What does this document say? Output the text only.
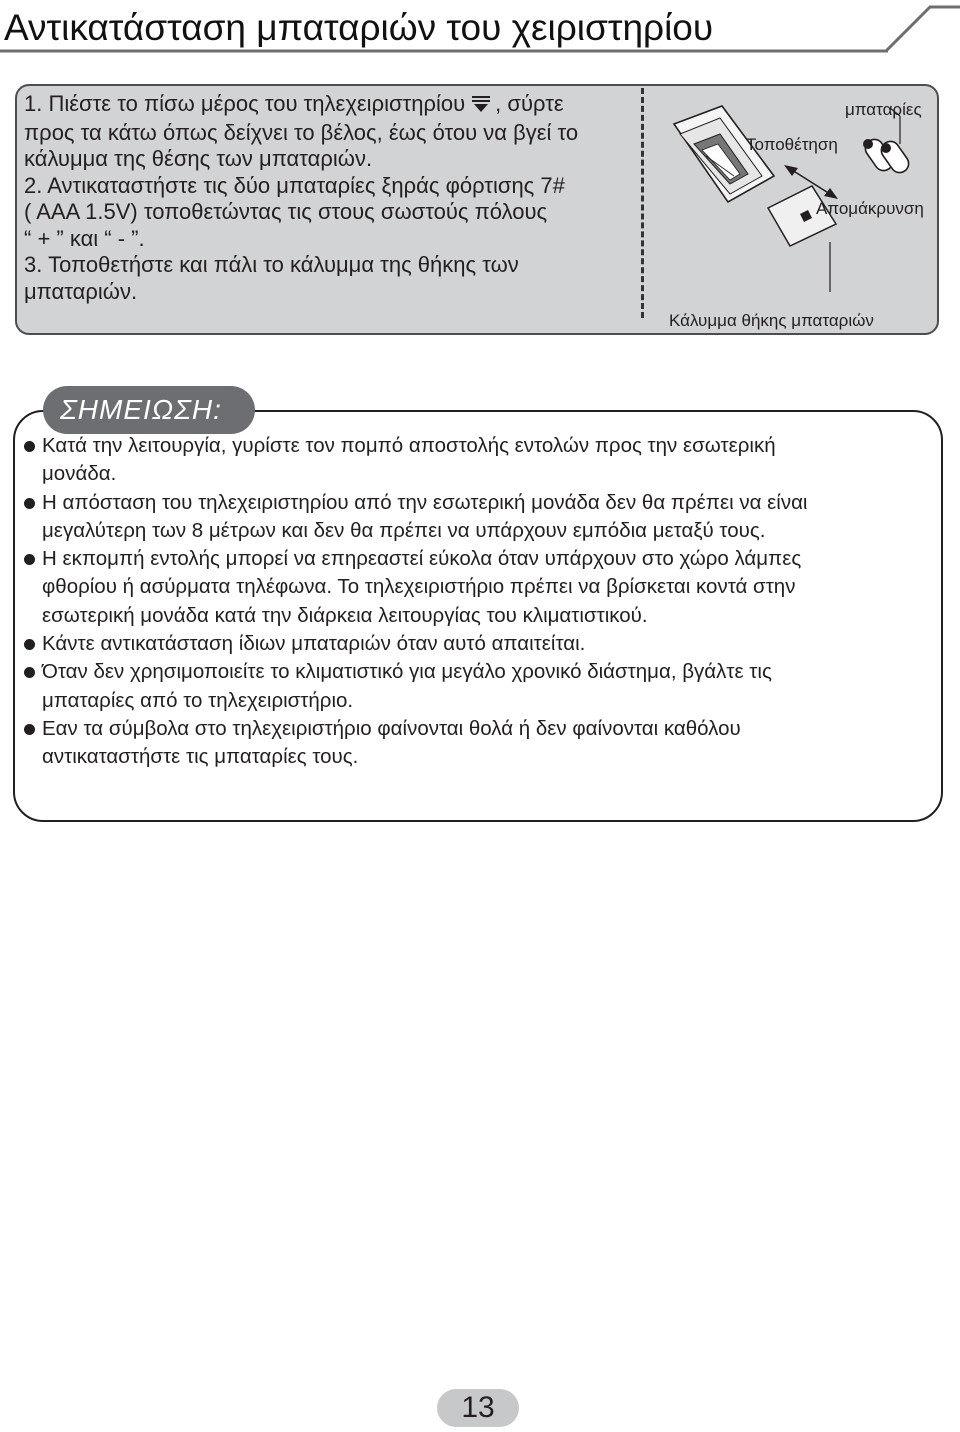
Αντικατάσταση μπαταριών του χειριστηρίου
1. Πιέστε το πίσω μέρος του τηλεχειριστηρίου , σύρτε
προς τα κάτω όπως δείχνει το βέλος, έως ότου να βγεί το
κάλυμμα της θέσης των μπαταριών.
2. Αντικαταστήστε τις δύο μπαταρίες ξηράς φόρτισης 7#
( AAA 1.5V) τοποθετώντας τις στους σωστούς πόλους
“ + ” και “ - ”.
3. Τοποθετήστε και πάλι το κάλυμμα της θήκης των
μπαταριών.
μπαταρίες
Τοποθέτηση
Απομάκρυνση
Κάλυμμα θήκης μπαταριών
ΣΗΜΕΙΩΣΗ:
Κατά την λειτουργία, γυρίστε τον πομπό αποστολής εντολών προς την εσωτερική
μονάδα.
Η απόσταση του τηλεχειριστηρίου από την εσωτερική μονάδα δεν θα πρέπει να είναι
μεγαλύτερη των 8 μέτρων και δεν θα πρέπει να υπάρχουν εμπόδια μεταξύ τους.
Η εκπομπή εντολής μπορεί να επηρεαστεί εύκολα όταν υπάρχουν στο χώρο λάμπες
φθορίου ή ασύρματα τηλέφωνα. Το τηλεχειριστήριο πρέπει να βρίσκεται κοντά στην
εσωτερική μονάδα κατά την διάρκεια λειτουργίας του κλιματιστικού.
Κάντε αντικατάσταση ίδιων μπαταριών όταν αυτό απαιτείται.
Όταν δεν χρησιμοποιείτε το κλιματιστικό για μεγάλο χρονικό διάστημα, βγάλτε τις
μπαταρίες από το τηλεχειριστήριο.
Εαν τα σύμβολα στο τηλεχειριστήριο φαίνονται θολά ή δεν φαίνονται καθόλου
αντικαταστήστε τις μπαταρίες τους.
13
